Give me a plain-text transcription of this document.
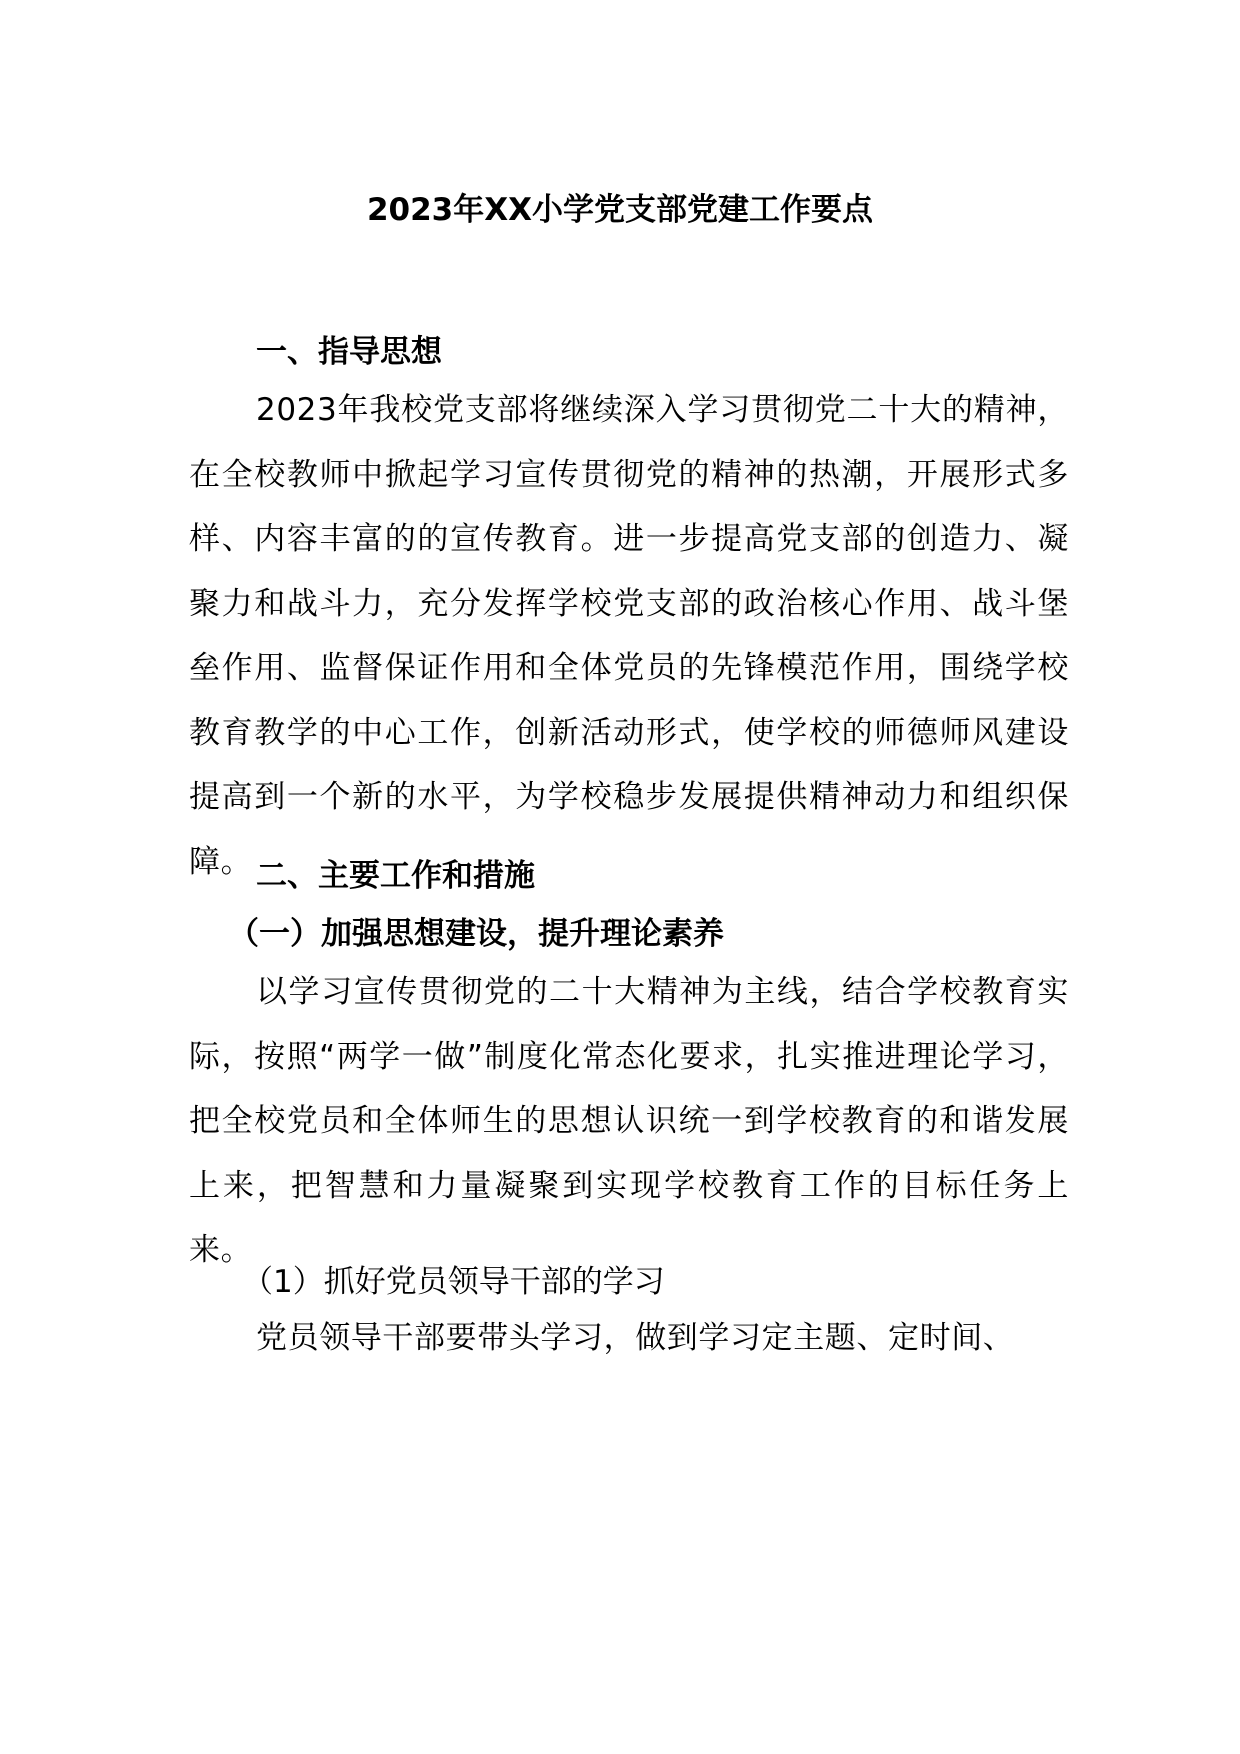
2023年XX小学党支部党建工作要点
一、指导思想
2023年我校党支部将继续深入学习贯彻党二十大的精神，在全校教师中掀起学习宣传贯彻党的精神的热潮，开展形式多样、内容丰富的的宣传教育。进一步提高党支部的创造力、凝聚力和战斗力，充分发挥学校党支部的政治核心作用、战斗堡垒作用、监督保证作用和全体党员的先锋模范作用，围绕学校教育教学的中心工作，创新活动形式，使学校的师德师风建设提高到一个新的水平，为学校稳步发展提供精神动力和组织保障。 二、主要工作和措施
（一）加强思想建设，提升理论素养
以学习宣传贯彻党的二十大精神为主线，结合学校教育实际，按照“两学一做”制度化常态化要求，扎实推进理论学习，把全校党员和全体师生的思想认识统一到学校教育的和谐发展上来，把智慧和力量凝聚到实现学校教育工作的目标任务上来。
（1）抓好党员领导干部的学习
党员领导干部要带头学习，做到学习定主题、定时间、
